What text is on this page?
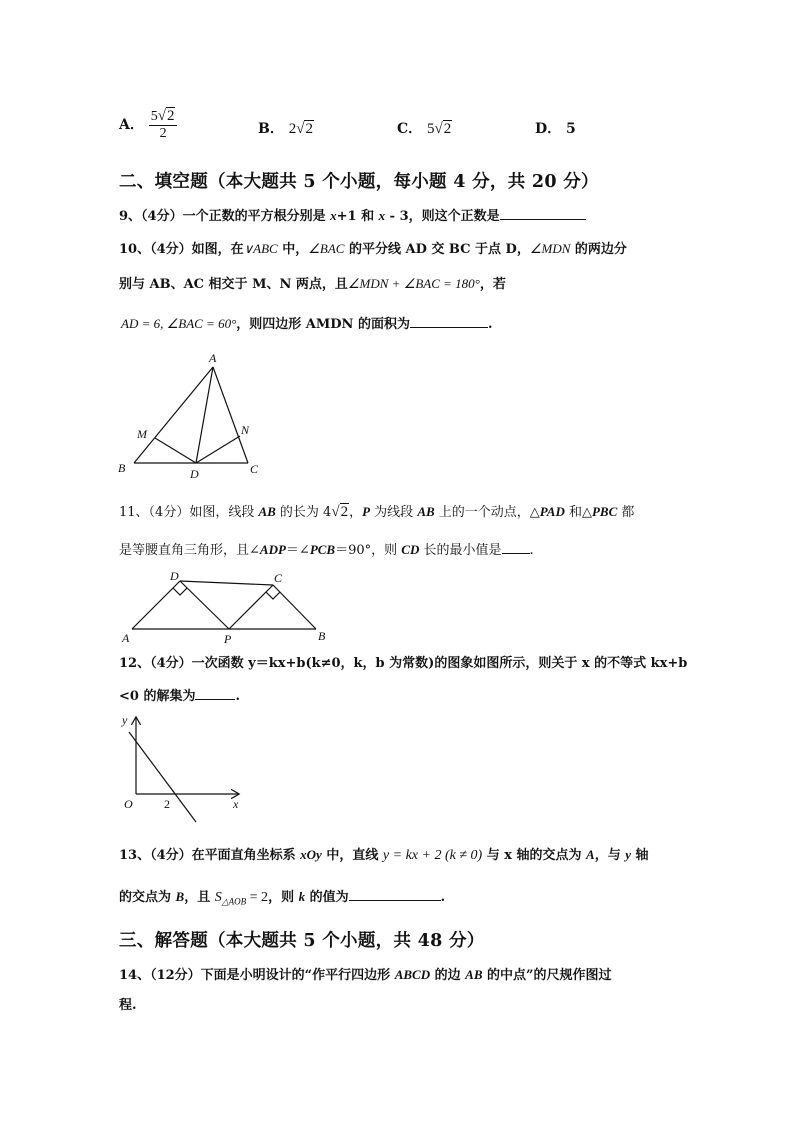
A． $\frac{5√2}{2}$	B． 2√2	C． 5√2	D． 5
二、填空题（本大题共 5 个小题，每小题 4 分，共 20 分）
9、（4分）一个正数的平方根分别是 x+1 和 x - 3，则这个正数是
10、（4分）如图，在∨ABC 中，∠BAC 的平分线 AD 交 BC 于点 D，∠MDN 的两边分
别与 AB、AC 相交于 M、N 两点，且∠MDN + ∠BAC = 180°，若
AD = 6, ∠BAC = 60°，则四边形 AMDN 的面积为	.
A
B	C
D
M	N
11、（4分）如图，线段 AB 的长为 4√2，P 为线段 AB 上的一个动点，△PAD 和△PBC 都
是等腰直角三角形，且∠ADP＝∠PCB＝90°，则 CD 长的最小值是 .
A	B
C
D
P
12、（4分）一次函数 y＝kx+b(k≠0，k，b 为常数)的图象如图所示，则关于 x 的不等式 kx+b
<0 的解集为	.
y
x
O	2
13、（4分）在平面直角坐标系 xOy 中，直线 y = kx + 2 (k ≠ 0) 与 x 轴的交点为 A，与 y 轴
的交点为 B，且 $S_{\triangle AOB} = 2$，则 k 的值为	.
三、解答题（本大题共 5 个小题，共 48 分）
14、（12分）下面是小明设计的“作平行四边形 ABCD 的边 AB 的中点”的尺规作图过
程.
